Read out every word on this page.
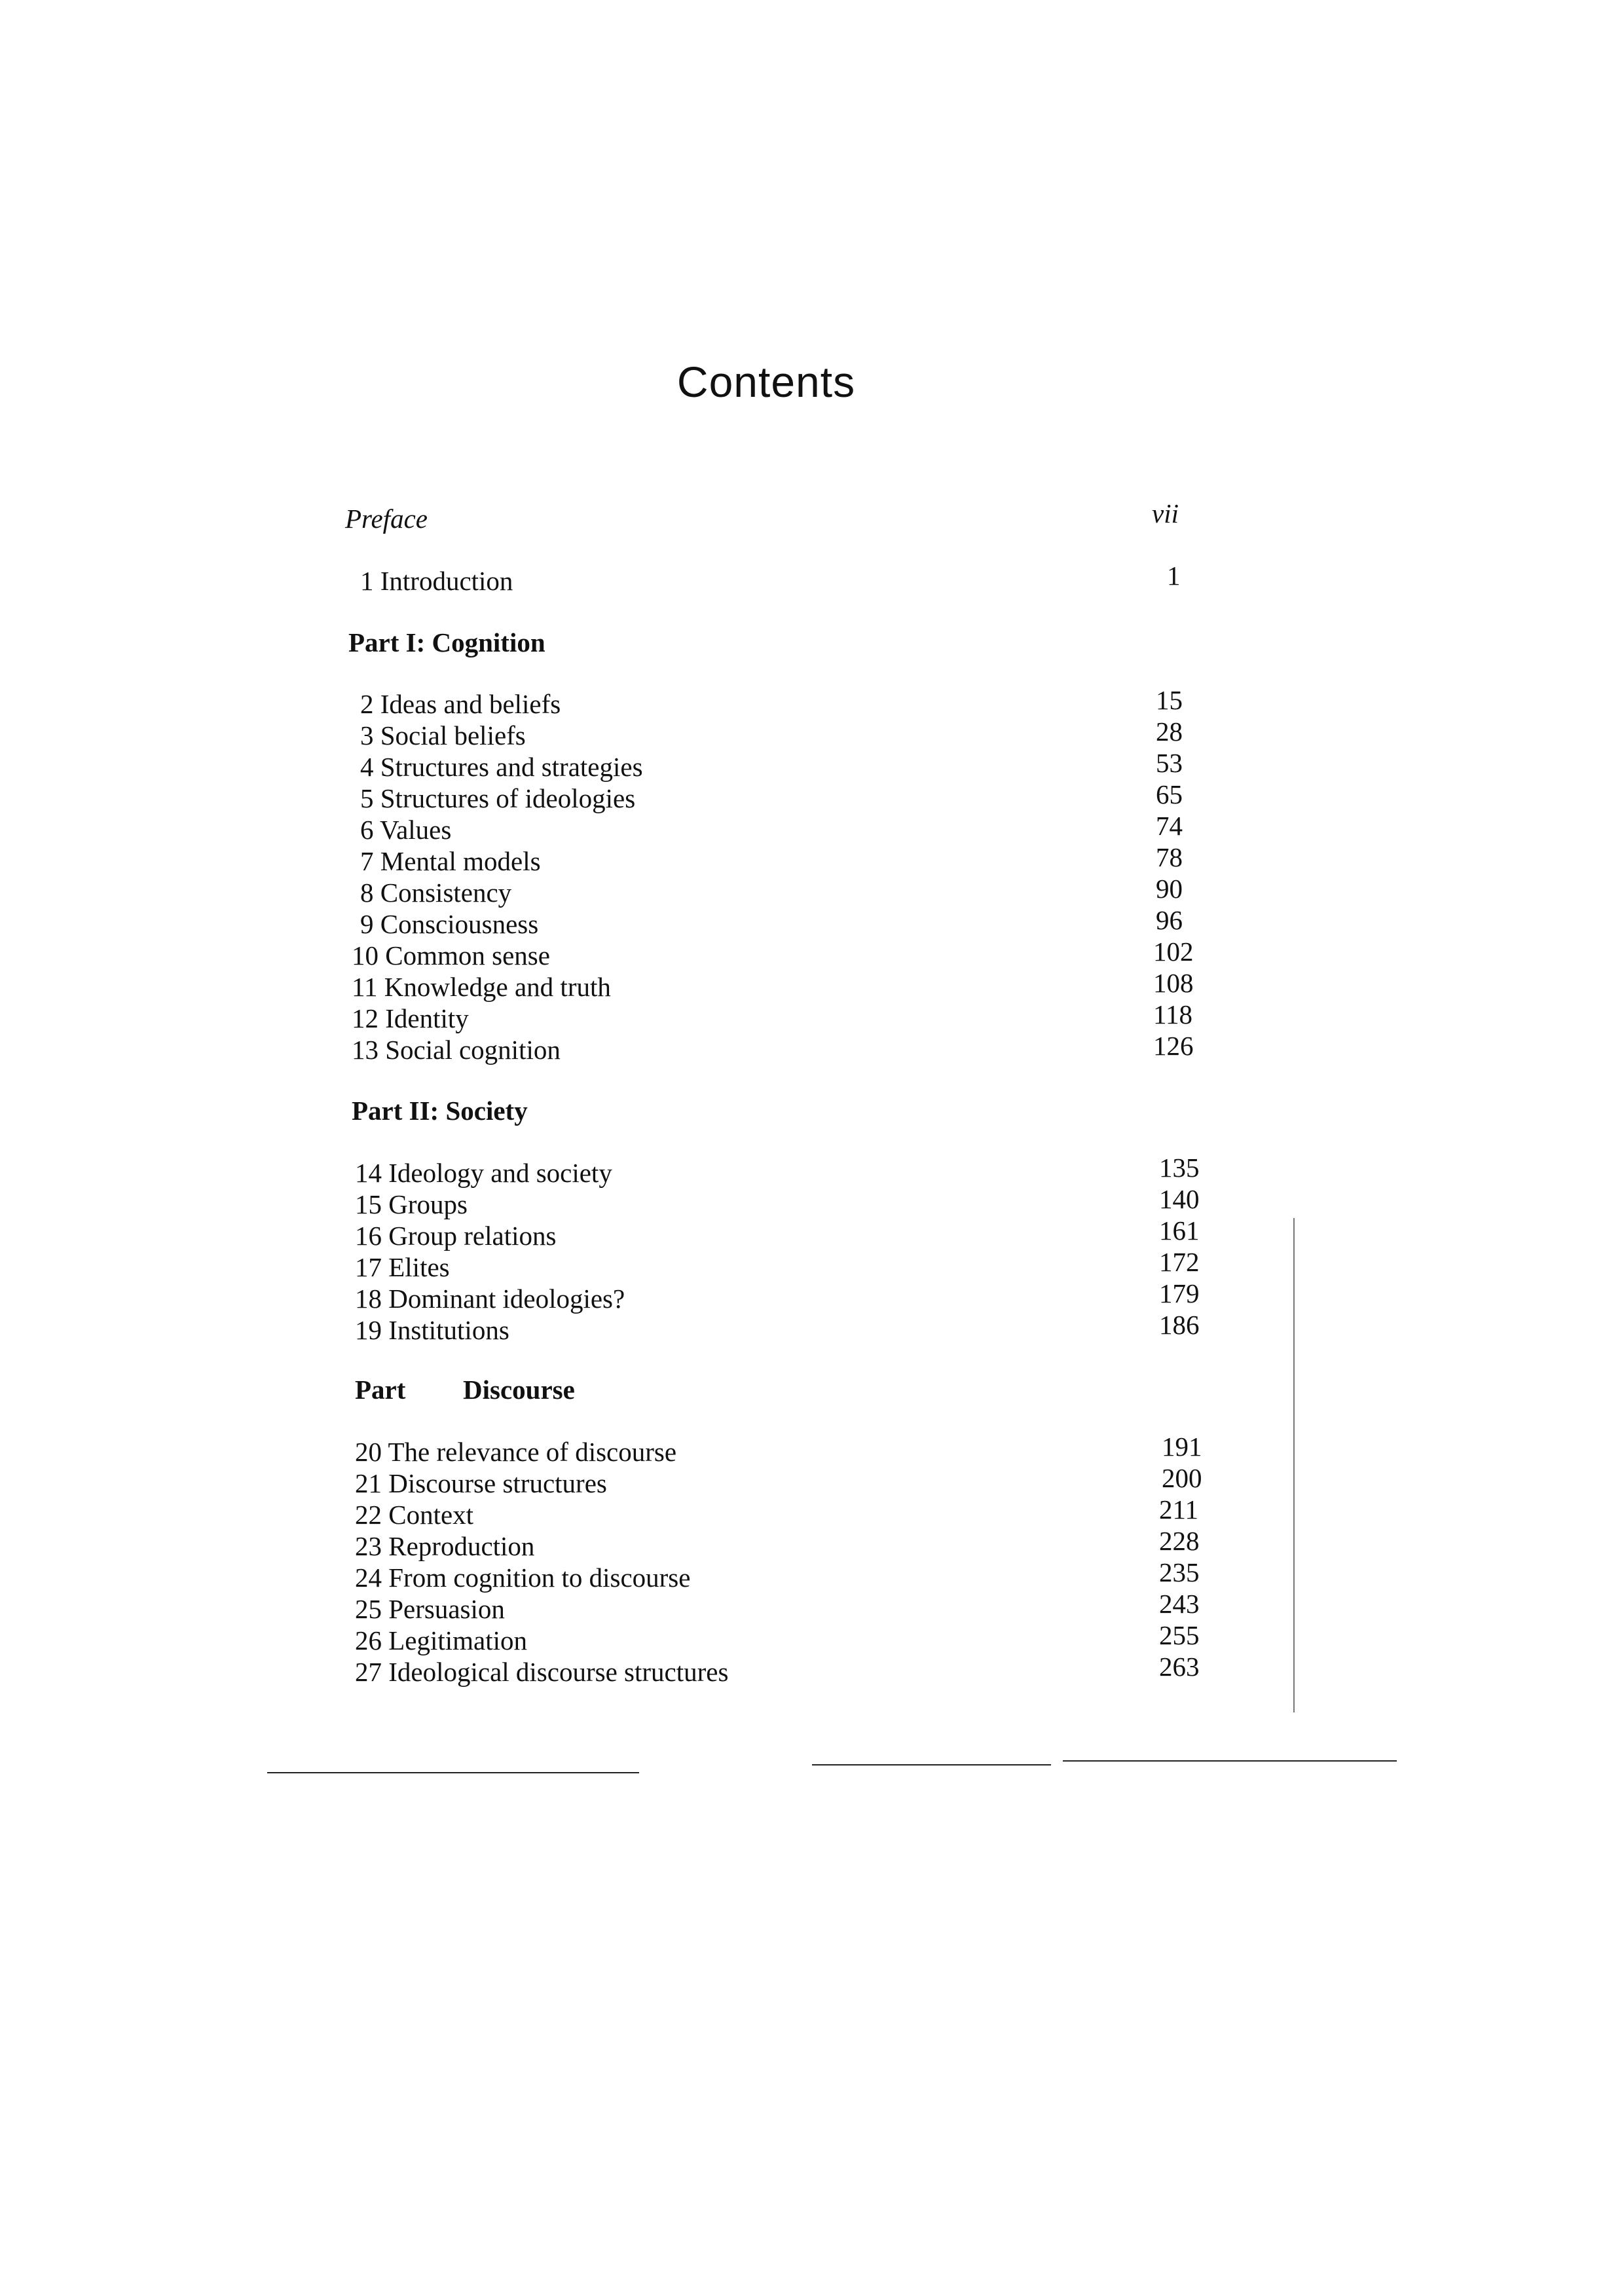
Contents
Preface	vii
1 Introduction	1
Part I: Cognition
2 Ideas and beliefs	15
3 Social beliefs	28
4 Structures and strategies	53
5 Structures of ideologies	65
6 Values	74
7 Mental models	78
8 Consistency	90
9 Consciousness	96
10 Common sense	102
11 Knowledge and truth	108
12 Identity	118
13 Social cognition	126
Part II: Society
14 Ideology and society	135
15 Groups	140
16 Group relations	161
17 Elites	172
18 Dominant ideologies?	179
19 Institutions	186
Part Discourse
20 The relevance of discourse	191
21 Discourse structures	200
22 Context	211
23 Reproduction	228
24 From cognition to discourse	235
25 Persuasion	243
26 Legitimation	255
27 Ideological discourse structures	263
